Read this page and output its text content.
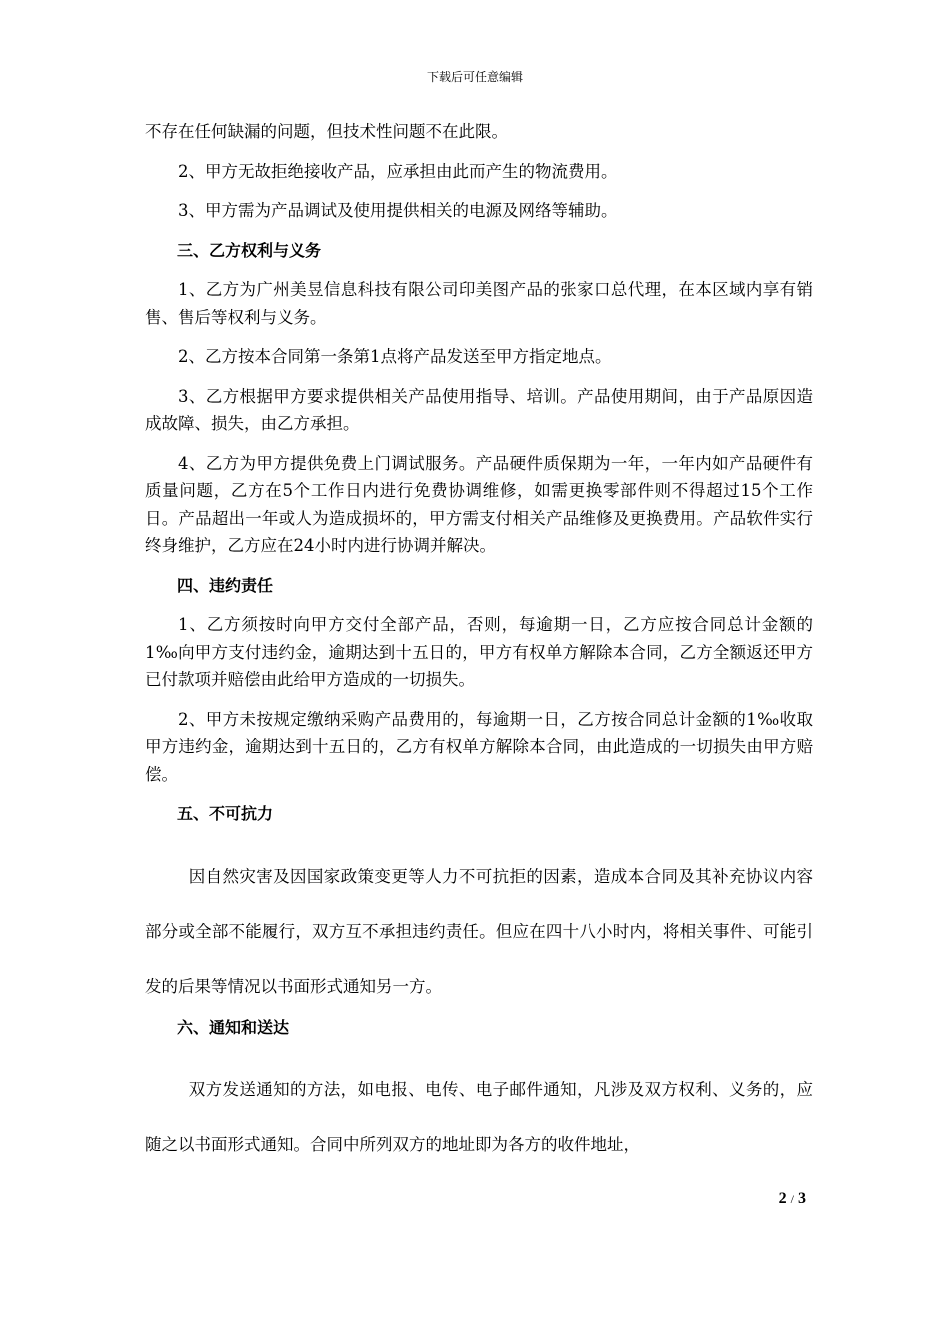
下载后可任意编辑

不存在任何缺漏的问题，但技术性问题不在此限。

2、甲方无故拒绝接收产品，应承担由此而产生的物流费用。

3、甲方需为产品调试及使用提供相关的电源及网络等辅助。

三、乙方权利与义务

1、乙方为广州美昱信息科技有限公司印美图产品的张家口总代理，在本区域内享有销售、售后等权利与义务。

2、乙方按本合同第一条第1点将产品发送至甲方指定地点。

3、乙方根据甲方要求提供相关产品使用指导、培训。产品使用期间，由于产品原因造成故障、损失，由乙方承担。

4、乙方为甲方提供免费上门调试服务。产品硬件质保期为一年，一年内如产品硬件有质量问题，乙方在5个工作日内进行免费协调维修，如需更换零部件则不得超过15个工作日。产品超出一年或人为造成损坏的，甲方需支付相关产品维修及更换费用。产品软件实行终身维护，乙方应在24小时内进行协调并解决。

四、违约责任

1、乙方须按时向甲方交付全部产品，否则，每逾期一日，乙方应按合同总计金额的1‰向甲方支付违约金，逾期达到十五日的，甲方有权单方解除本合同，乙方全额返还甲方已付款项并赔偿由此给甲方造成的一切损失。

2、甲方未按规定缴纳采购产品费用的，每逾期一日，乙方按合同总计金额的1‰收取甲方违约金，逾期达到十五日的，乙方有权单方解除本合同，由此造成的一切损失由甲方赔偿。

五、不可抗力

因自然灾害及因国家政策变更等人力不可抗拒的因素，造成本合同及其补充协议内容部分或全部不能履行，双方互不承担违约责任。但应在四十八小时内，将相关事件、可能引发的后果等情况以书面形式通知另一方。

六、通知和送达

双方发送通知的方法，如电报、电传、电子邮件通知，凡涉及双方权利、义务的，应随之以书面形式通知。合同中所列双方的地址即为各方的收件地址，

2 / 3
